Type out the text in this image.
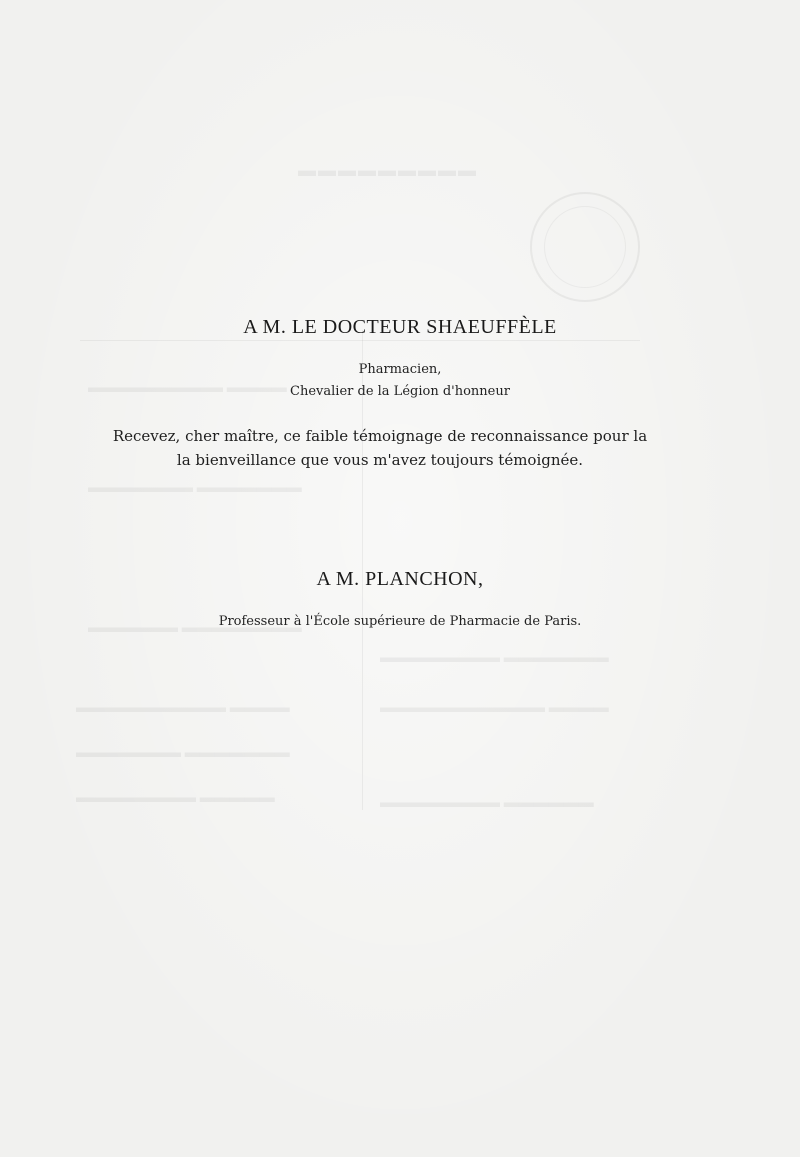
▬▬▬▬▬▬▬▬▬
▬▬▬▬▬▬▬▬▬ ▬▬▬▬
▬▬▬▬▬▬▬ ▬▬▬▬▬▬▬
▬▬▬▬▬▬ ▬▬▬▬▬▬▬▬
▬▬▬▬▬▬▬▬▬▬ ▬▬▬▬
▬▬▬▬▬▬▬ ▬▬▬▬▬▬▬
▬▬▬▬▬▬▬▬ ▬▬▬▬▬
▬▬▬▬▬▬▬▬ ▬▬▬▬▬▬▬
▬▬▬▬▬▬▬▬▬▬▬ ▬▬▬▬
▬▬▬▬▬▬▬▬ ▬▬▬▬▬▬
A M. LE DOCTEUR SHAEUFFÈLE
Pharmacien,
Chevalier de la Légion d'honneur
Recevez, cher maître, ce faible témoignage de reconnaissance pour la
la bienveillance que vous m'avez toujours témoignée.
A M. PLANCHON,
Professeur à l'École supérieure de Pharmacie de Paris.
